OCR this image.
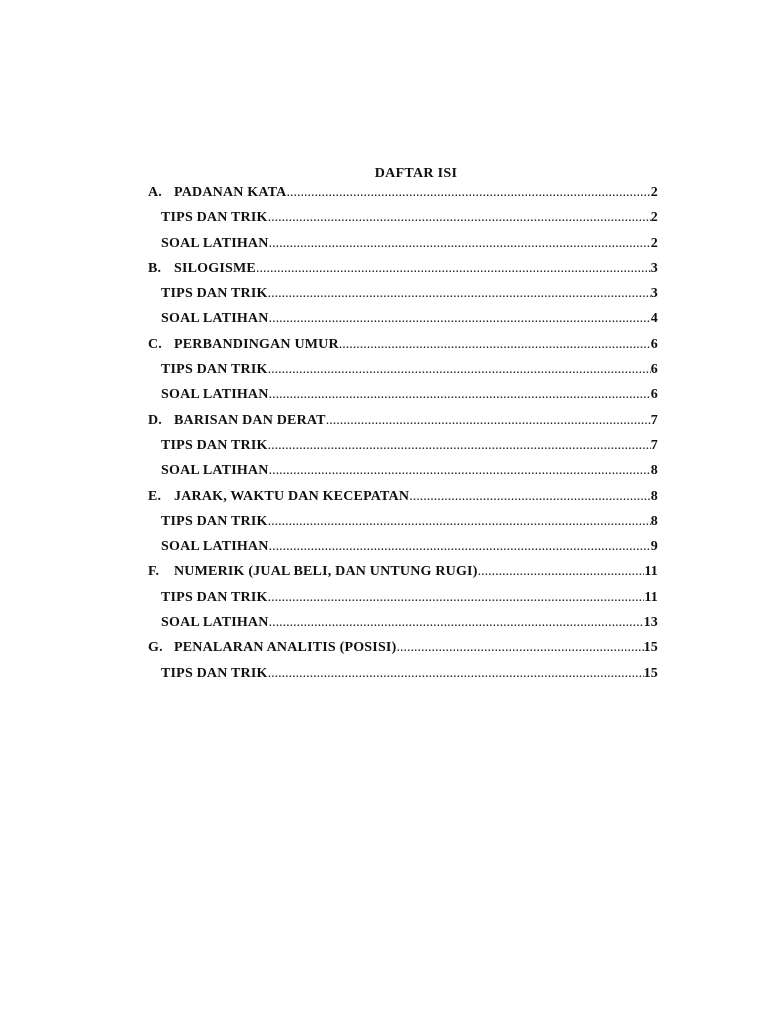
DAFTAR ISI
A. PADANAN KATA .....	2
TIPS DAN TRIK .....	2
SOAL LATIHAN .....	2
B. SILOGISME .....	3
TIPS DAN TRIK .....	3
SOAL LATIHAN .....	4
C. PERBANDINGAN UMUR .....	6
TIPS DAN TRIK .....	6
SOAL LATIHAN .....	6
D. BARISAN DAN DERAT .....	7
TIPS DAN TRIK .....	7
SOAL LATIHAN .....	8
E. JARAK, WAKTU DAN KECEPATAN .....	8
TIPS DAN TRIK .....	8
SOAL LATIHAN .....	9
F.	NUMERIK (JUAL BELI, DAN UNTUNG RUGI) .....	11
TIPS DAN TRIK .....	11
SOAL LATIHAN .....	13
G. PENALARAN ANALITIS (POSISI) .....	15
TIPS DAN TRIK .....	15
